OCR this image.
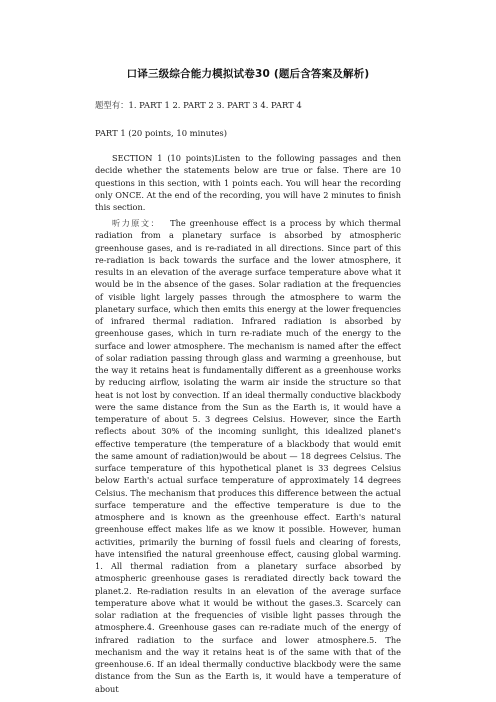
口译三级综合能力模拟试卷30 (题后含答案及解析)
题型有：1. PART 1 2. PART 2 3. PART 3 4. PART 4
PART 1 (20 points, 10 minutes)

SECTION 1 (10 points)Listen to the following passages and then decide whether the statements below are true or false. There are 10 questions in this section, with 1 points each. You will hear the recording only ONCE. At the end of the recording, you will have 2 minutes to finish this section.

听力原文： The greenhouse effect is a process by which thermal radiation from a planetary surface is absorbed by atmospheric greenhouse gases, and is re-radiated in all directions. Since part of this re-radiation is back towards the surface and the lower atmosphere, it results in an elevation of the average surface temperature above what it would be in the absence of the gases. Solar radiation at the frequencies of visible light largely passes through the atmosphere to warm the planetary surface, which then emits this energy at the lower frequencies of infrared thermal radiation. Infrared radiation is absorbed by greenhouse gases, which in turn re-radiate much of the energy to the surface and lower atmosphere. The mechanism is named after the effect of solar radiation passing through glass and warming a greenhouse, but the way it retains heat is fundamentally different as a greenhouse works by reducing airflow, isolating the warm air inside the structure so that heat is not lost by convection. If an ideal thermally conductive blackbody were the same distance from the Sun as the Earth is, it would have a temperature of about 5. 3 degrees Celsius. However, since the Earth reflects about 30% of the incoming sunlight, this idealized planet's effective temperature (the temperature of a blackbody that would emit the same amount of radiation)would be about — 18 degrees Celsius. The surface temperature of this hypothetical planet is 33 degrees Celsius below Earth's actual surface temperature of approximately 14 degrees Celsius. The mechanism that produces this difference between the actual surface temperature and the effective temperature is due to the atmosphere and is known as the greenhouse effect. Earth's natural greenhouse effect makes life as we know it possible. However, human activities, primarily the burning of fossil fuels and clearing of forests, have intensified the natural greenhouse effect, causing global warming. 1. All thermal radiation from a planetary surface absorbed by atmospheric greenhouse gases is reradiated directly back toward the planet.2. Re-radiation results in an elevation of the average surface temperature above what it would be without the gases.3. Scarcely can solar radiation at the frequencies of visible light passes through the atmosphere.4. Greenhouse gases can re-radiate much of the energy of infrared radiation to the surface and lower atmosphere.5. The mechanism and the way it retains heat is of the same with that of the greenhouse.6. If an ideal thermally conductive blackbody were the same distance from the Sun as the Earth is, it would have a temperature of about
